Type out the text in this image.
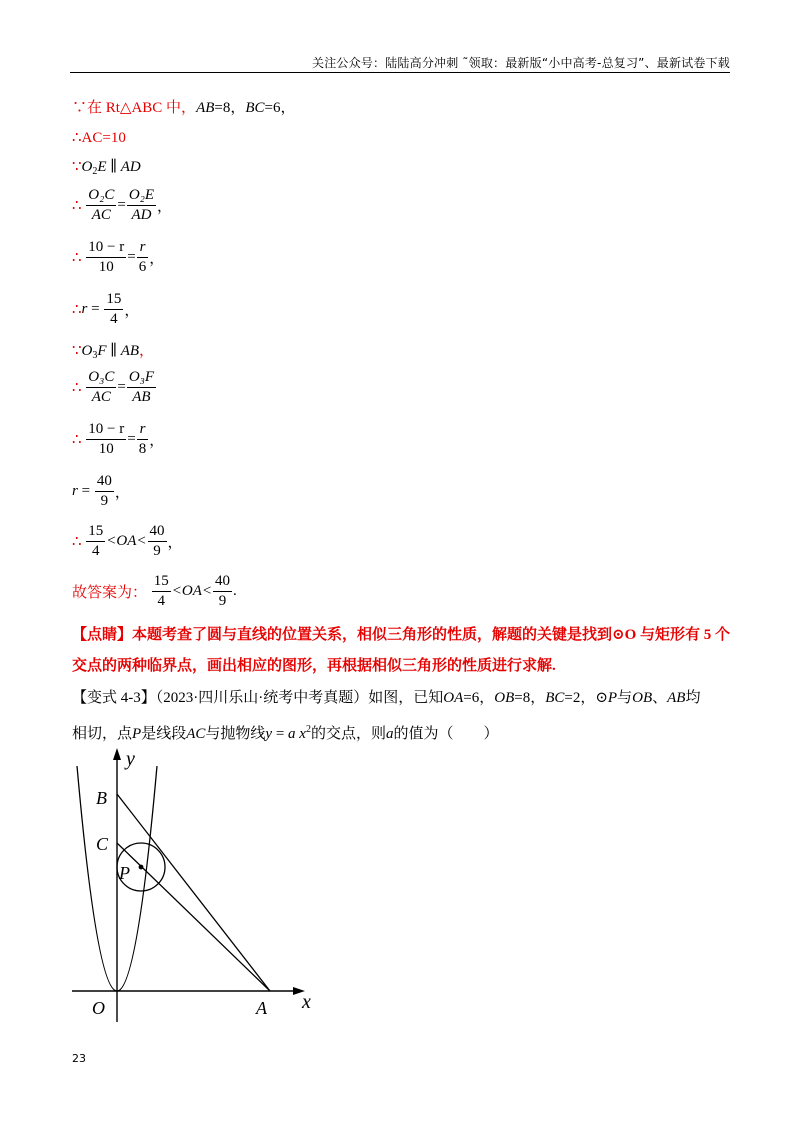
关注公众号：陆陆高分冲刺 ˜领取：最新版“小中高考-总复习”、最新试卷下载
∵在 Rt△ABC 中，AB=8，BC=6，
∴AC=10
$\because O_2E$ ∥ AD
∴ $\frac{\text{O₂C}}{AC} = \frac{\text{O₂E}}{AD}$ ，
∴ $\frac{10 - r}{10} = \frac{r}{6}$ ，
∴r = $\frac{15}{4}$ ，
$\because O_3F$ ∥ AB，
∴ $\frac{\text{O₃C}}{AC} = \frac{\text{O₃F}}{AB}$
∴ $\frac{10 - r}{10} = \frac{r}{8}$ ，
$r = \frac{40}{9}$ ，
∴ $\frac{15}{4} <OA< \frac{40}{9}$ ，
故答案为： $\frac{15}{4} <OA< \frac{40}{9}$ .
【点睛】本题考查了圆与直线的位置关系，相似三角形的性质，解题的关键是找到⊙O 与矩形有 5 个交点的两种临界点，画出相应的图形，再根据相似三角形的性质进行求解.
【变式 4-3】（2023·四川乐山·统考中考真题）如图，已知OA=6，OB=8，BC=2，⊙P与OB、AB均
相切，点P是线段AC与抛物线y = a $x^2$的交点，则a的值为（　　）
y
x
B
C
P
O	A
23
